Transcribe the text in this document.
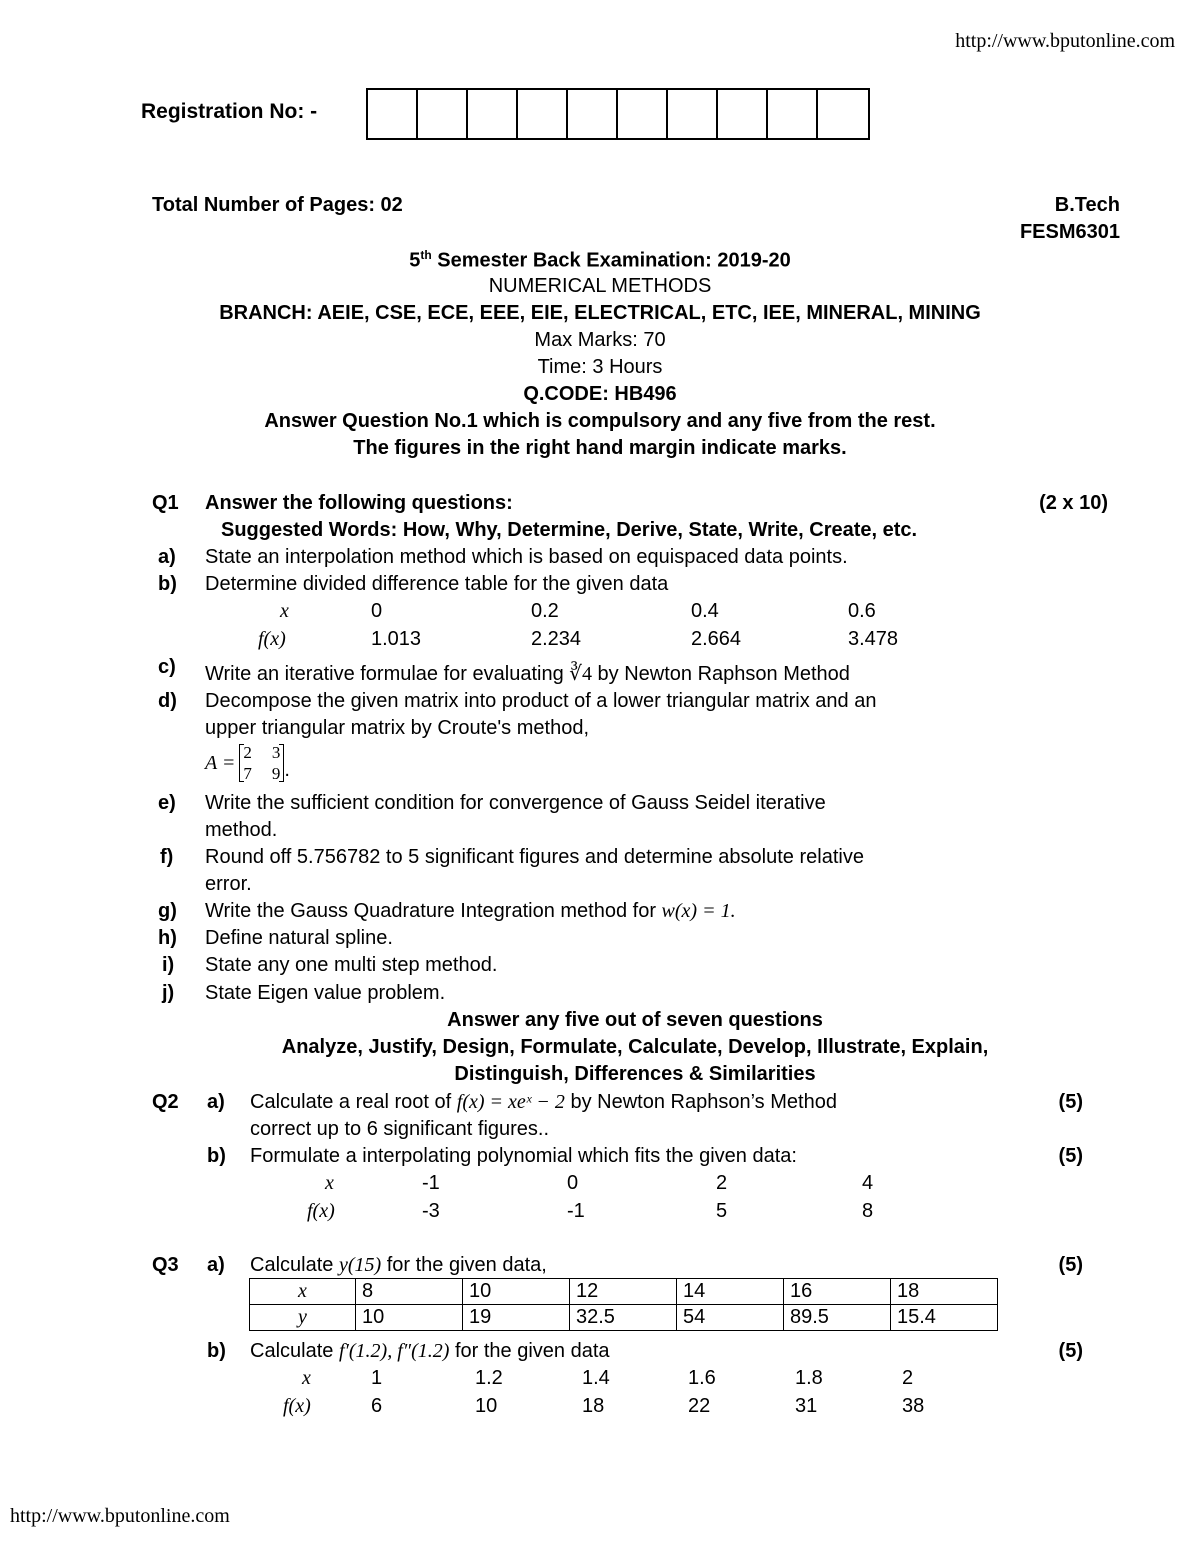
http://www.bputonline.com
Registration No: -
Total Number of Pages: 02	B.Tech
FESM6301
5th Semester Back Examination: 2019-20
NUMERICAL METHODS
BRANCH: AEIE, CSE, ECE, EEE, EIE, ELECTRICAL, ETC, IEE, MINERAL, MINING
Max Marks: 70
Time: 3 Hours
Q.CODE: HB496
Answer Question No.1 which is compulsory and any five from the rest.
The figures in the right hand margin indicate marks.
Q1 Answer the following questions:	(2 x 10)
Suggested Words: How, Why, Determine, Derive, State, Write, Create, etc.
a) State an interpolation method which is based on equispaced data points.
b) Determine divided difference table for the given data
x	0	0.2	0.4	0.6
f(x)	1.013	2.234	2.664	3.478
c) Write an iterative formulae for evaluating ∛4 by Newton Raphson Method
d) Decompose the given matrix into product of a lower triangular matrix and an
upper triangular matrix by Croute's method,
A = 2 3
7 9 .
e) Write the sufficient condition for convergence of Gauss Seidel iterative
method.
f) Round off 5.756782 to 5 significant figures and determine absolute relative
error.
g) Write the Gauss Quadrature Integration method for w(x) = 1.
h) Define natural spline.
i) State any one multi step method.
j) State Eigen value problem.
Answer any five out of seven questions
Analyze, Justify, Design, Formulate, Calculate, Develop, Illustrate, Explain,
Distinguish, Differences & Similarities
Q2 a) Calculate a real root of f(x) = xeˣ − 2 by Newton Raphson’s Method	(5)
correct up to 6 significant figures..
b) Formulate a interpolating polynomial which fits the given data:	(5)
x	-1	0	2	4
f(x)	-3	-1	5	8
Q3 a) Calculate y(15) for the given data,	(5)
x	8	10	12	14	16	18
y	10	19	32.5	54	89.5	15.4
b) Calculate f′(1.2), f″(1.2) for the given data	(5)
x	1	1.2	1.4	1.6	1.8	2
f(x)	6	10	18	22	31	38
http://www.bputonline.com
